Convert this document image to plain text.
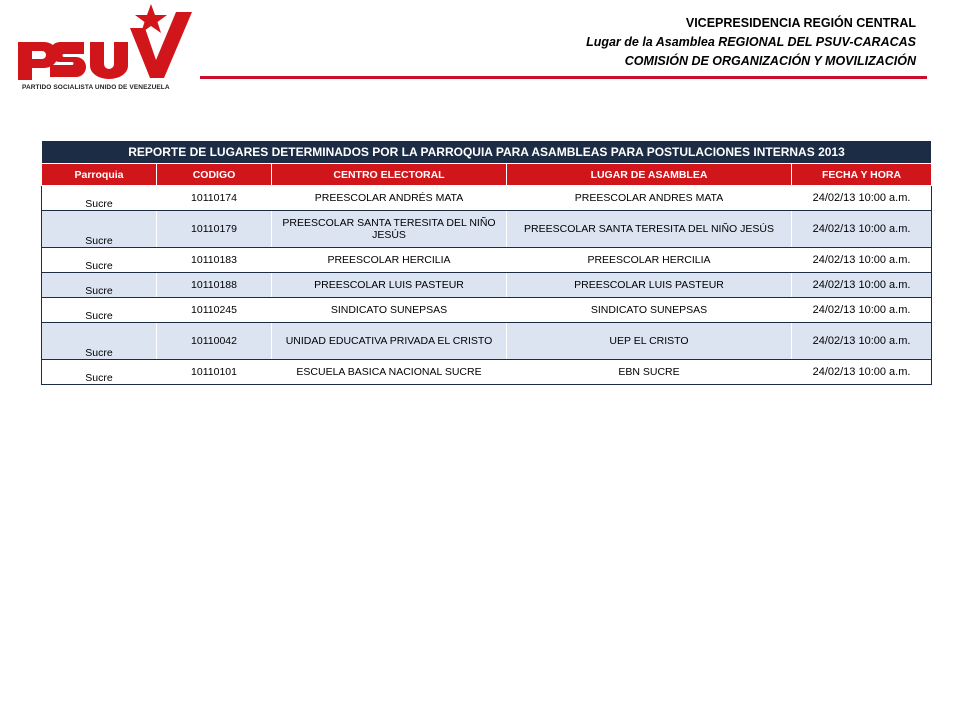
PARTIDO SOCIALISTA UNIDO DE VENEZUELA
VICEPRESIDENCIA REGIÓN CENTRAL
Lugar de la Asamblea REGIONAL DEL PSUV-CARACAS
COMISIÓN DE ORGANIZACIÓN Y MOVILIZACIÓN
REPORTE DE LUGARES DETERMINADOS POR LA PARROQUIA PARA ASAMBLEAS PARA POSTULACIONES INTERNAS 2013				
Parroquia	CODIGO	CENTRO ELECTORAL	LUGAR DE ASAMBLEA	FECHA Y HORA
Sucre	10110174	PREESCOLAR ANDRÉS MATA	PREESCOLAR ANDRES MATA	24/02/13 10:00 a.m.
Sucre	10110179	PREESCOLAR SANTA TERESITA DEL NIÑO JESÚS	PREESCOLAR SANTA TERESITA DEL NIÑO JESÚS	24/02/13 10:00 a.m.
Sucre	10110183	PREESCOLAR HERCILIA	PREESCOLAR HERCILIA	24/02/13 10:00 a.m.
Sucre	10110188	PREESCOLAR LUIS PASTEUR	PREESCOLAR LUIS PASTEUR	24/02/13 10:00 a.m.
Sucre	10110245	SINDICATO SUNEPSAS	SINDICATO SUNEPSAS	24/02/13 10:00 a.m.
Sucre	10110042	UNIDAD EDUCATIVA PRIVADA EL CRISTO	UEP EL CRISTO	24/02/13 10:00 a.m.
Sucre	10110101	ESCUELA BASICA NACIONAL SUCRE	EBN SUCRE	24/02/13 10:00 a.m.
